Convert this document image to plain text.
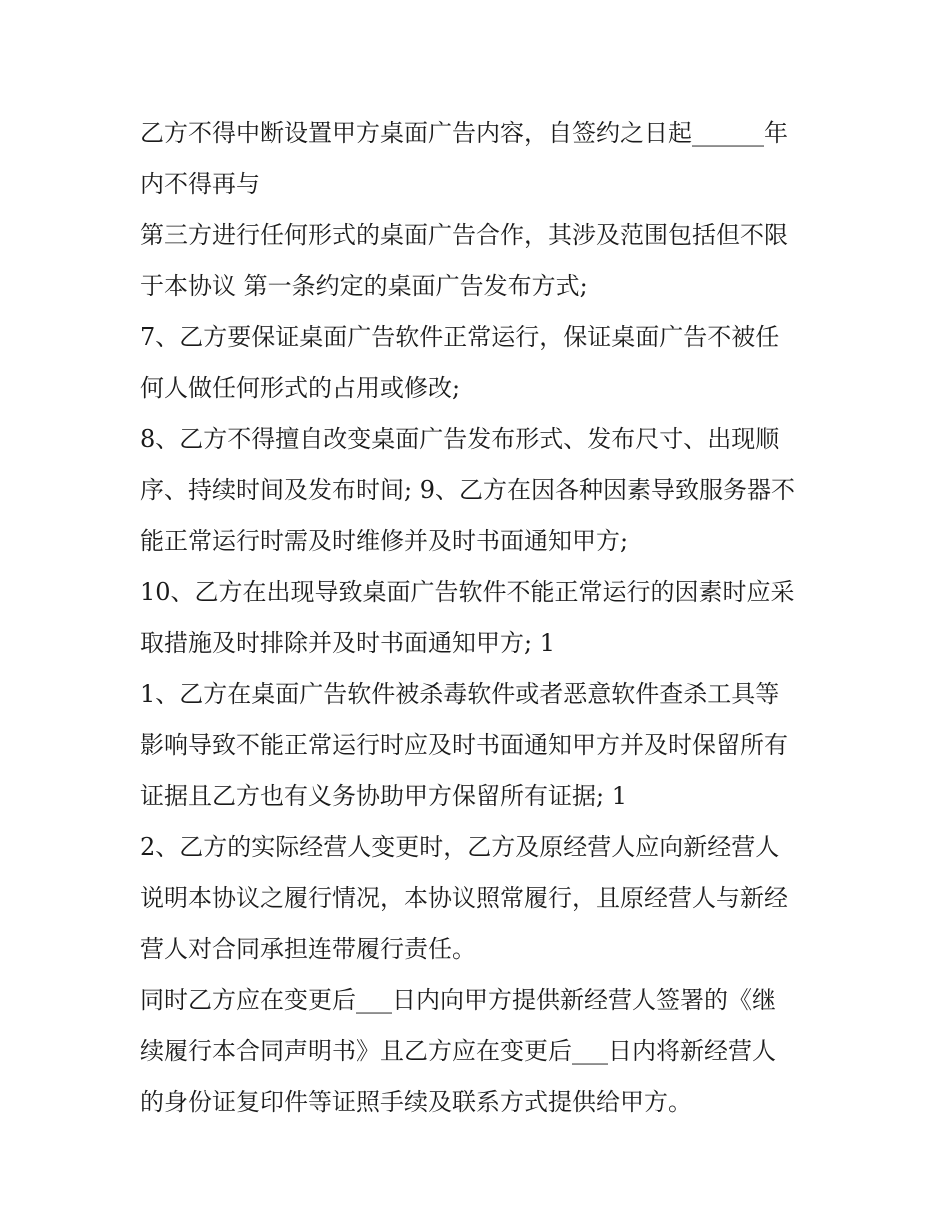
乙方不得中断设置甲方桌面广告内容，自签约之日起______年
内不得再与
第三方进行任何形式的桌面广告合作，其涉及范围包括但不限
于本协议 第一条约定的桌面广告发布方式;
7、乙方要保证桌面广告软件正常运行，保证桌面广告不被任
何人做任何形式的占用或修改;
8、乙方不得擅自改变桌面广告发布形式、发布尺寸、出现顺
序、持续时间及发布时间; 9、乙方在因各种因素导致服务器不
能正常运行时需及时维修并及时书面通知甲方;
10、乙方在出现导致桌面广告软件不能正常运行的因素时应采
取措施及时排除并及时书面通知甲方; 1
1、乙方在桌面广告软件被杀毒软件或者恶意软件查杀工具等
影响导致不能正常运行时应及时书面通知甲方并及时保留所有
证据且乙方也有义务协助甲方保留所有证据; 1
2、乙方的实际经营人变更时，乙方及原经营人应向新经营人
说明本协议之履行情况，本协议照常履行，且原经营人与新经
营人对合同承担连带履行责任。
同时乙方应在变更后___日内向甲方提供新经营人签署的《继
续履行本合同声明书》且乙方应在变更后___日内将新经营人
的身份证复印件等证照手续及联系方式提供给甲方。
